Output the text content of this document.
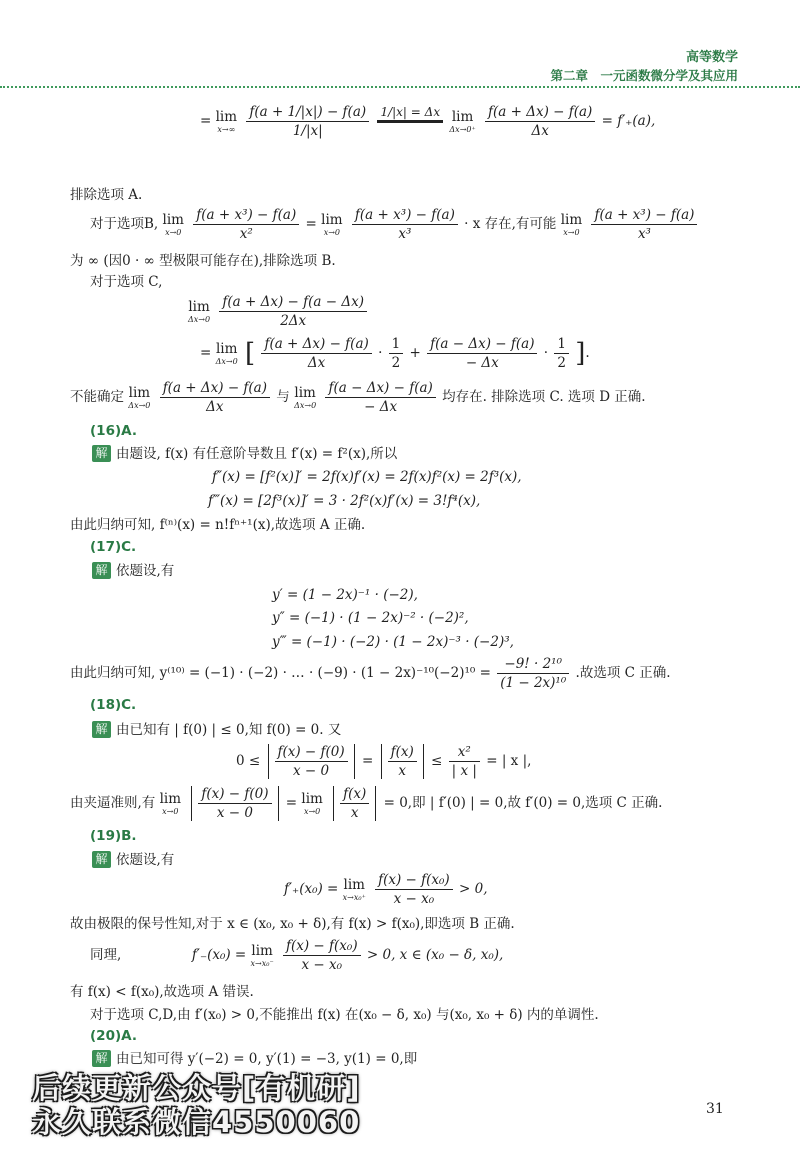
高等数学
第二章　一元函数微分学及其应用
= lim
x→∞
$\frac{f(a + 1/|x|) - f(a)}{1/|x|}$
1/|x| = Δx
lim
Δx→0⁺
$\frac{f(a + \Delta x) - f(a)}{\Delta x} = f'_+(a)$,
排除选项 A.
对于选项B, lim
x→0
$\frac{\text{f(a + x³) − f(a)}}{\text{x²}} = \lim$
x→0
$\frac{\text{f(a + x³) − f(a)}}{\text{x³}} \cdot x$ 存在,有可能 lim
x→0
$\frac{\text{f(a + x³) − f(a)}}{\text{x³}}$
为 ∞ (因0 · ∞ 型极限可能存在),排除选项 B.
对于选项 C,
lim
Δx→0
$\frac{f(a + \Delta x) - f(a - \Delta x)}{2\Delta x}$
= lim
Δx→0 [ $\frac{f(a + \Delta x) - f(a)}{\Delta x} \cdot \frac{1}{2} + \frac{f(a - \Delta x) - f(a)}{- \Delta x} \cdot \frac{1}{2}$ ].
不能确定 lim
Δx→0
$\frac{f(a + \Delta x) - f(a)}{\Delta x}$ 与 lim
Δx→0
$\frac{f(a - \Delta x) - f(a)}{- \Delta x}$ 均存在. 排除选项 C. 选项 D 正确.
(16)A.
解 由题设, f(x) 有任意阶导数且 f′(x) = f²(x),所以
f″(x) = [f²(x)]′ = 2f(x)f′(x) = 2f(x)f²(x) = 2f³(x),
f‴(x) = [2f³(x)]′ = 3 · 2f²(x)f′(x) = 3!f⁴(x),
由此归纳可知, f⁽ⁿ⁾(x) = n!fⁿ⁺¹(x),故选项 A 正确.
(17)C.
解 依题设,有
y′ = (1 − 2x)⁻¹ · (−2),
y″ = (−1) · (1 − 2x)⁻² · (−2)²,
y‴ = (−1) · (−2) · (1 − 2x)⁻³ · (−2)³,
由此归纳可知, y⁽¹⁰⁾ = (−1) · (−2) · … · $(-9) \cdot (1 - 2x)^{-10}(-2)^{10} = \frac{\text{−9! · 2¹⁰}}{\text{(1 − 2x)¹⁰}}$ .故选项 C 正确.
(18)C.
解 由已知有 | f(0) | ≤ 0,知 f(0) = 0. 又
$0 \le \frac{f(x) - f(0)}{x - 0} = \frac{f(x)}{x} \le \frac{\text{x²}}{| x |}$ = | x |,
由夹逼准则,有 lim
x→0
$\frac{f(x) - f(0)}{x - 0} = \lim$
x→0
$\frac{f(x)}{x} = 0$,即 | f′(0) | = 0,故 f′(0) = 0,选项 C 正确.
(19)B.
解 依题设,有
f′₊(x₀) = lim
x→x₀⁺
$\frac{\text{f(x) − f(x₀)}}{\text{x − x₀}} > 0$,
故由极限的保号性知,对于 x ∈ (x₀, x₀ + δ),有 f(x) > f(x₀),即选项 B 正确.
同理,	f′₋(x₀) = lim
x→x₀⁻
$\frac{\text{f(x) − f(x₀)}}{\text{x − x₀}} > 0$, x ∈ (x₀ − δ, x₀),
有 f(x) < f(x₀),故选项 A 错误.
对于选项 C,D,由 f′(x₀) > 0,不能推出 f(x) 在(x₀ − δ, x₀) 与(x₀, x₀ + δ) 内的单调性.
(20)A.
解 由已知可得 y′(−2) = 0, y′(1) = −3, y(1) = 0,即
31
后续更新公众号[有机研]
永久联系微信4550060
